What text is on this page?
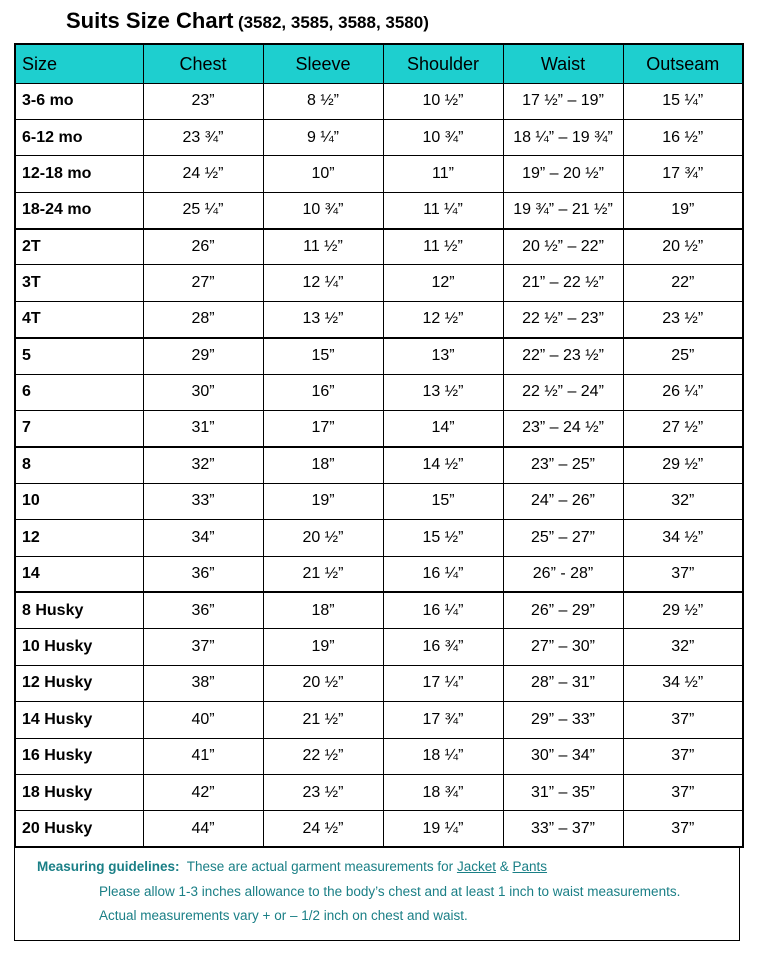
Suits Size Chart (3582, 3585, 3588, 3580)
Size	Chest	Sleeve	Shoulder	Waist	Outseam
3-6 mo	23”	8 ½”	10 ½”	17 ½” – 19”	15 ¼”
6-12 mo	23 ¾”	9 ¼”	10 ¾”	18 ¼” – 19 ¾”	16 ½”
12-18 mo	24 ½”	10”	11”	19” – 20 ½”	17 ¾”
18-24 mo	25 ¼”	10 ¾”	11 ¼”	19 ¾” – 21 ½”	19”
2T	26”	11 ½”	11 ½”	20 ½” – 22”	20 ½”
3T	27”	12 ¼”	12”	21” – 22 ½”	22”
4T	28”	13 ½”	12 ½”	22 ½” – 23”	23 ½”
5	29”	15”	13”	22” – 23 ½”	25”
6	30”	16”	13 ½”	22 ½” – 24”	26 ¼”
7	31”	17”	14”	23” – 24 ½”	27 ½”
8	32”	18”	14 ½”	23” – 25”	29 ½”
10	33”	19”	15”	24” – 26”	32”
12	34”	20 ½”	15 ½”	25” – 27”	34 ½”
14	36”	21 ½”	16 ¼”	26” - 28”	37”
8 Husky	36”	18”	16 ¼”	26” – 29”	29 ½”
10 Husky	37”	19”	16 ¾”	27” – 30”	32”
12 Husky	38”	20 ½”	17 ¼”	28” – 31”	34 ½”
14 Husky	40”	21 ½”	17 ¾”	29” – 33”	37”
16 Husky	41”	22 ½”	18 ¼”	30” – 34”	37”
18 Husky	42”	23 ½”	18 ¾”	31” – 35”	37”
20 Husky	44”	24 ½”	19 ¼”	33” – 37”	37”
Measuring guidelines: These are actual garment measurements for Jacket & Pants
Please allow 1-3 inches allowance to the body’s chest and at least 1 inch to waist measurements.
Actual measurements vary + or – 1/2 inch on chest and waist.
